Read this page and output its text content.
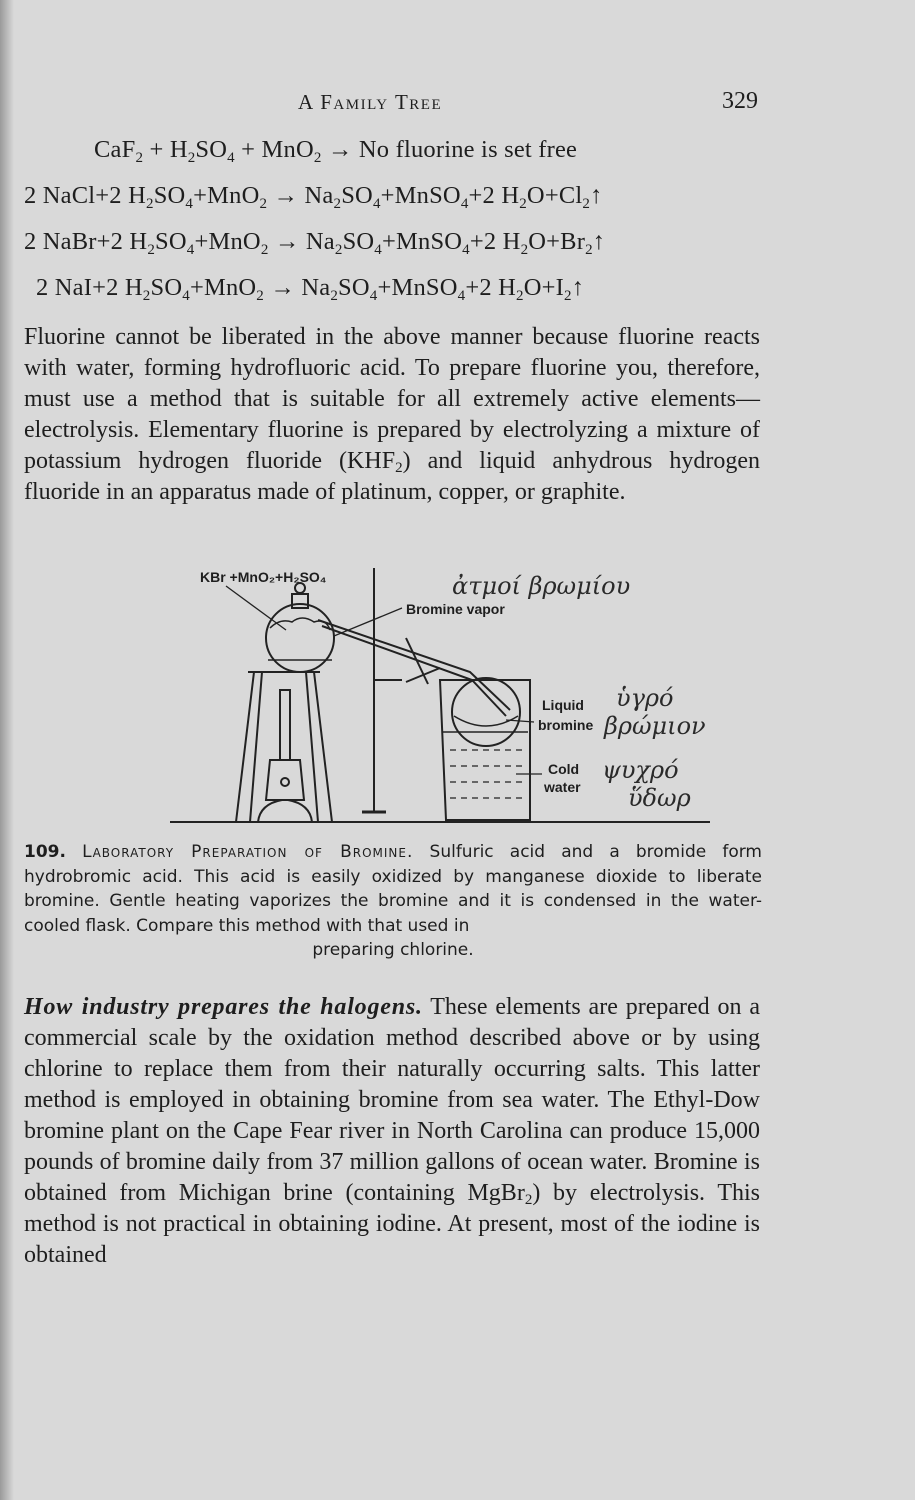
A Family Tree	329
$CaF_2 + H_2SO_4 + MnO_2 \to No$ fluorine is set free
2 NaCl+2 $H_2SO_4+MnO_2$ → $Na_2SO_4+MnSO_4+2$ $H_2O+Cl_2↑$
2 NaBr+2 $H_2SO_4+MnO_2$ → $Na_2SO_4+MnSO_4+2$ $H_2O+Br_2↑$
2 NaI+2 $H_2SO_4+MnO_2$ → $Na_2SO_4+MnSO_4+2$ $H_2O+I_2↑$

Fluorine cannot be liberated in the above manner because fluorine reacts with water, forming hydrofluoric acid. To prepare fluorine you, therefore, must use a method that is suitable for all extremely active elements—electrolysis. Elementary fluorine is prepared by electrolyzing a mixture of potassium hydrogen fluoride $(KHF_2)$ and liquid anhydrous hydrogen fluoride in an apparatus made of platinum, copper, or graphite.

KBr +MnO₂+H₂SO₄
Bromine vapor
Liquid
bromine
Cold
water
ἀτμοί βρωμίου
ὑγρό
βρώμιον
ψυχρό
ὕδωρ

109. Laboratory Preparation of Bromine. Sulfuric acid and a bromide form hydrobromic acid. This acid is easily oxidized by manganese dioxide to liberate bromine. Gentle heating vaporizes the bromine and it is condensed in the water-cooled flask. Compare this method with that used in
preparing chlorine.

How industry prepares the halogens. These elements are prepared on a commercial scale by the oxidation method described above or by using chlorine to replace them from their naturally occurring salts. This latter method is employed in obtaining bromine from sea water. The Ethyl-Dow bromine plant on the Cape Fear river in North Carolina can produce 15,000 pounds of bromine daily from 37 million gallons of ocean water. Bromine is obtained from Michigan brine (containing MgBr$_2$) by electrolysis. This method is not practical in obtaining iodine. At present, most of the iodine is obtained
